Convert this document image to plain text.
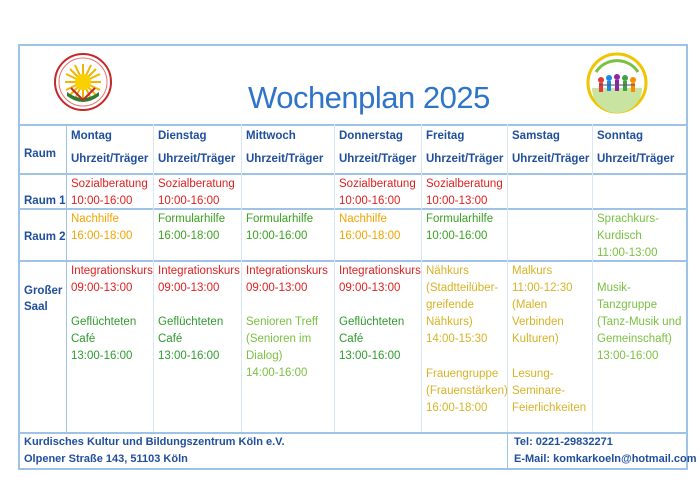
Wochenplan 2025
Raum
Montag
Uhrzeit/Träger
Dienstag
Uhrzeit/Träger
Mittwoch
Uhrzeit/Träger
Donnerstag
Uhrzeit/Träger
Freitag
Uhrzeit/Träger
Samstag
Uhrzeit/Träger
Sonntag
Uhrzeit/Träger
Raum 1
Raum 2
Großer
Saal
Sozialberatung
10:00-16:00
Sozialberatung
10:00-16:00
Sozialberatung
10:00-16:00
Sozialberatung
10:00-13:00
Nachhilfe
16:00-18:00
Formularhilfe
16:00-18:00
Formularhilfe
10:00-16:00
Nachhilfe
16:00-18:00
Formularhilfe
10:00-16:00
Sprachkurs-
Kurdisch
11:00-13:00
Integrationskurs
09:00-13:00
Geflüchteten
Café
13:00-16:00
Integrationskurs
09:00-13:00
Geflüchteten
Café
13:00-16:00
Integrationskurs
09:00-13:00
Senioren Treff
(Senioren im
Dialog)
14:00-16:00
Integrationskurs
09:00-13:00
Geflüchteten
Café
13:00-16:00
Nähkurs
(Stadtteilüber-
greifende
Nähkurs)
14:00-15:30
Frauengruppe
(Frauenstärken)
16:00-18:00
Malkurs
11:00-12:30
(Malen
Verbinden
Kulturen)
Lesung-
Seminare-
Feierlichkeiten
Musik-
Tanzgruppe
(Tanz-Musik und
Gemeinschaft)
13:00-16:00
Kurdisches Kultur und Bildungszentrum Köln e.V.
Olpener Straße 143, 51103 Köln
Tel: 0221-29832271
E-Mail: komkarkoeln@hotmail.com
